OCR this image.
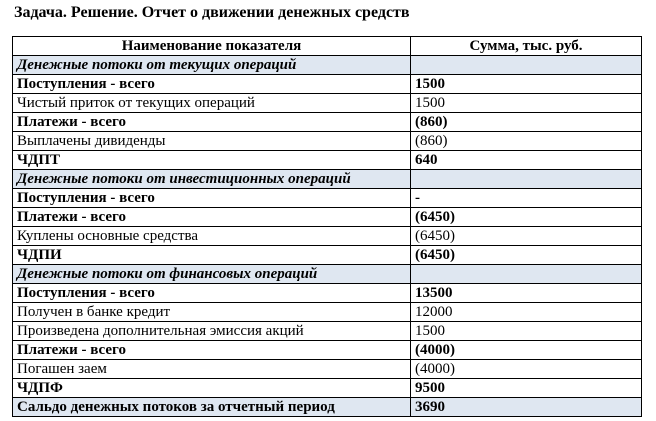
Задача. Решение. Отчет о движении денежных средств
Наименование показателя	Сумма, тыс. руб.
Денежные потоки от текущих операций	
Поступления - всего	1500
Чистый приток от текущих операций	1500
Платежи - всего	(860)
Выплачены дивиденды	(860)
ЧДПТ	640
Денежные потоки от инвестиционных операций	
Поступления - всего	-
Платежи - всего	(6450)
Куплены основные средства	(6450)
ЧДПИ	(6450)
Денежные потоки от финансовых операций	
Поступления - всего	13500
Получен в банке кредит	12000
Произведена дополнительная эмиссия акций	1500
Платежи - всего	(4000)
Погашен заем	(4000)
ЧДПФ	9500
Сальдо денежных потоков за отчетный период	3690
